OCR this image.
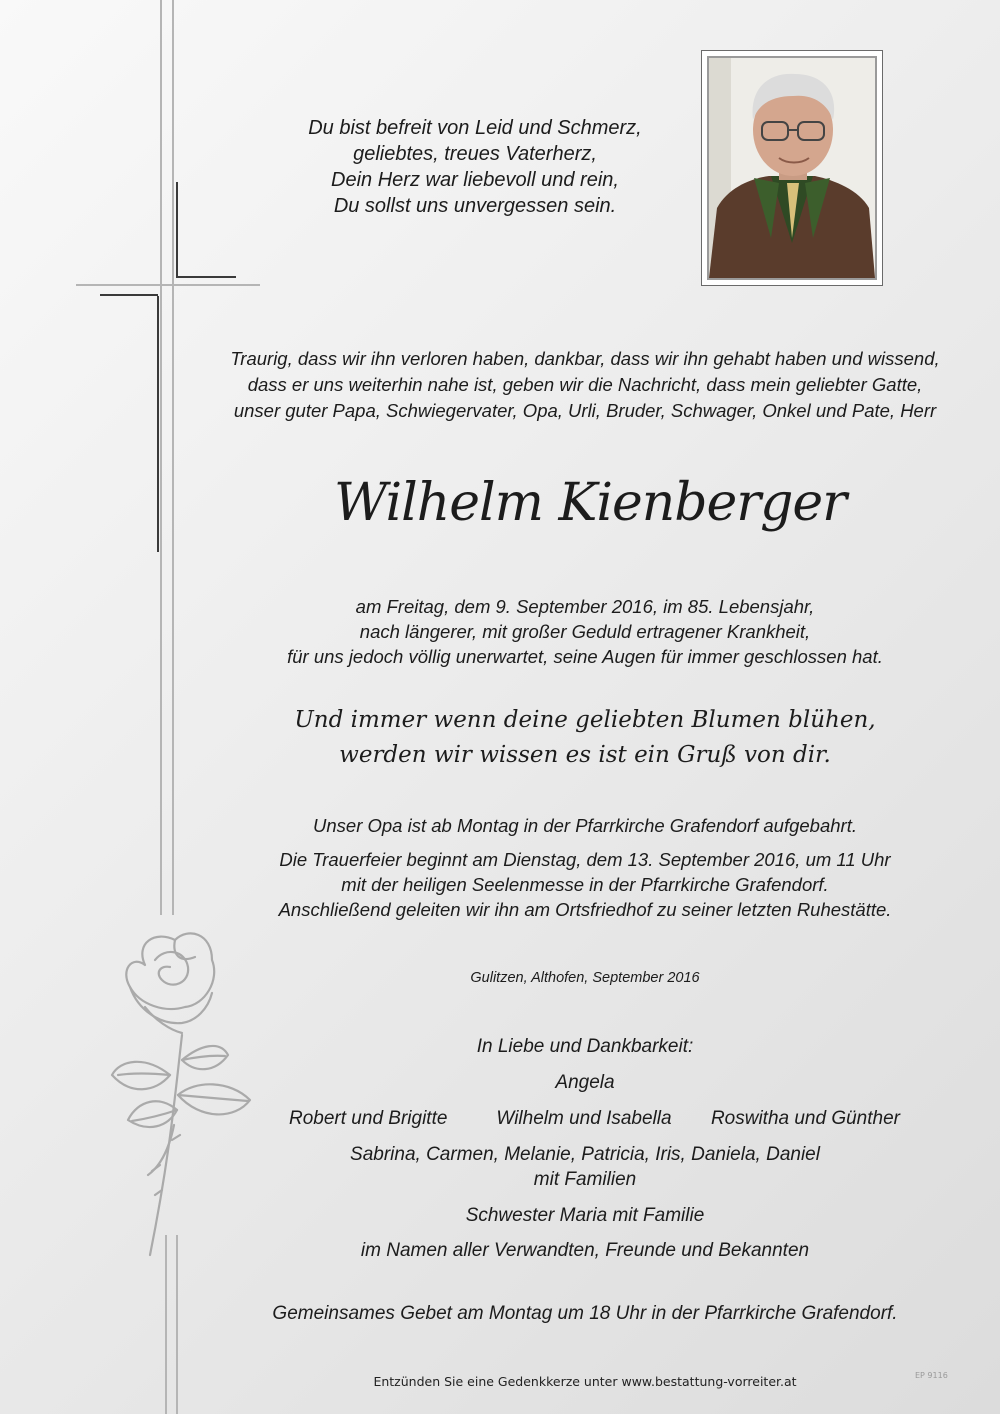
Du bist befreit von Leid und Schmerz,
geliebtes, treues Vaterherz,
Dein Herz war liebevoll und rein,
Du sollst uns unvergessen sein.
Traurig, dass wir ihn verloren haben, dankbar, dass wir ihn gehabt haben und wissend,
dass er uns weiterhin nahe ist, geben wir die Nachricht, dass mein geliebter Gatte,
unser guter Papa, Schwiegervater, Opa, Urli, Bruder, Schwager, Onkel und Pate, Herr
Wilhelm Kienberger
am Freitag, dem 9. September 2016, im 85. Lebensjahr,
nach längerer, mit großer Geduld ertragener Krankheit,
für uns jedoch völlig unerwartet, seine Augen für immer geschlossen hat.
Und immer wenn deine geliebten Blumen blühen,
werden wir wissen es ist ein Gruß von dir.
Unser Opa ist ab Montag in der Pfarrkirche Grafendorf aufgebahrt.
Die Trauerfeier beginnt am Dienstag, dem 13. September 2016, um 11 Uhr
mit der heiligen Seelenmesse in der Pfarrkirche Grafendorf.
Anschließend geleiten wir ihn am Ortsfriedhof zu seiner letzten Ruhestätte.
Gulitzen, Althofen, September 2016
In Liebe und Dankbarkeit:
Angela
Robert und Brigitte	Wilhelm und Isabella	Roswitha und Günther
Sabrina, Carmen, Melanie, Patricia, Iris, Daniela, Daniel
mit Familien
Schwester Maria mit Familie
im Namen aller Verwandten, Freunde und Bekannten
Gemeinsames Gebet am Montag um 18 Uhr in der Pfarrkirche Grafendorf.
Entzünden Sie eine Gedenkkerze unter www.bestattung-vorreiter.at	EP 9116
